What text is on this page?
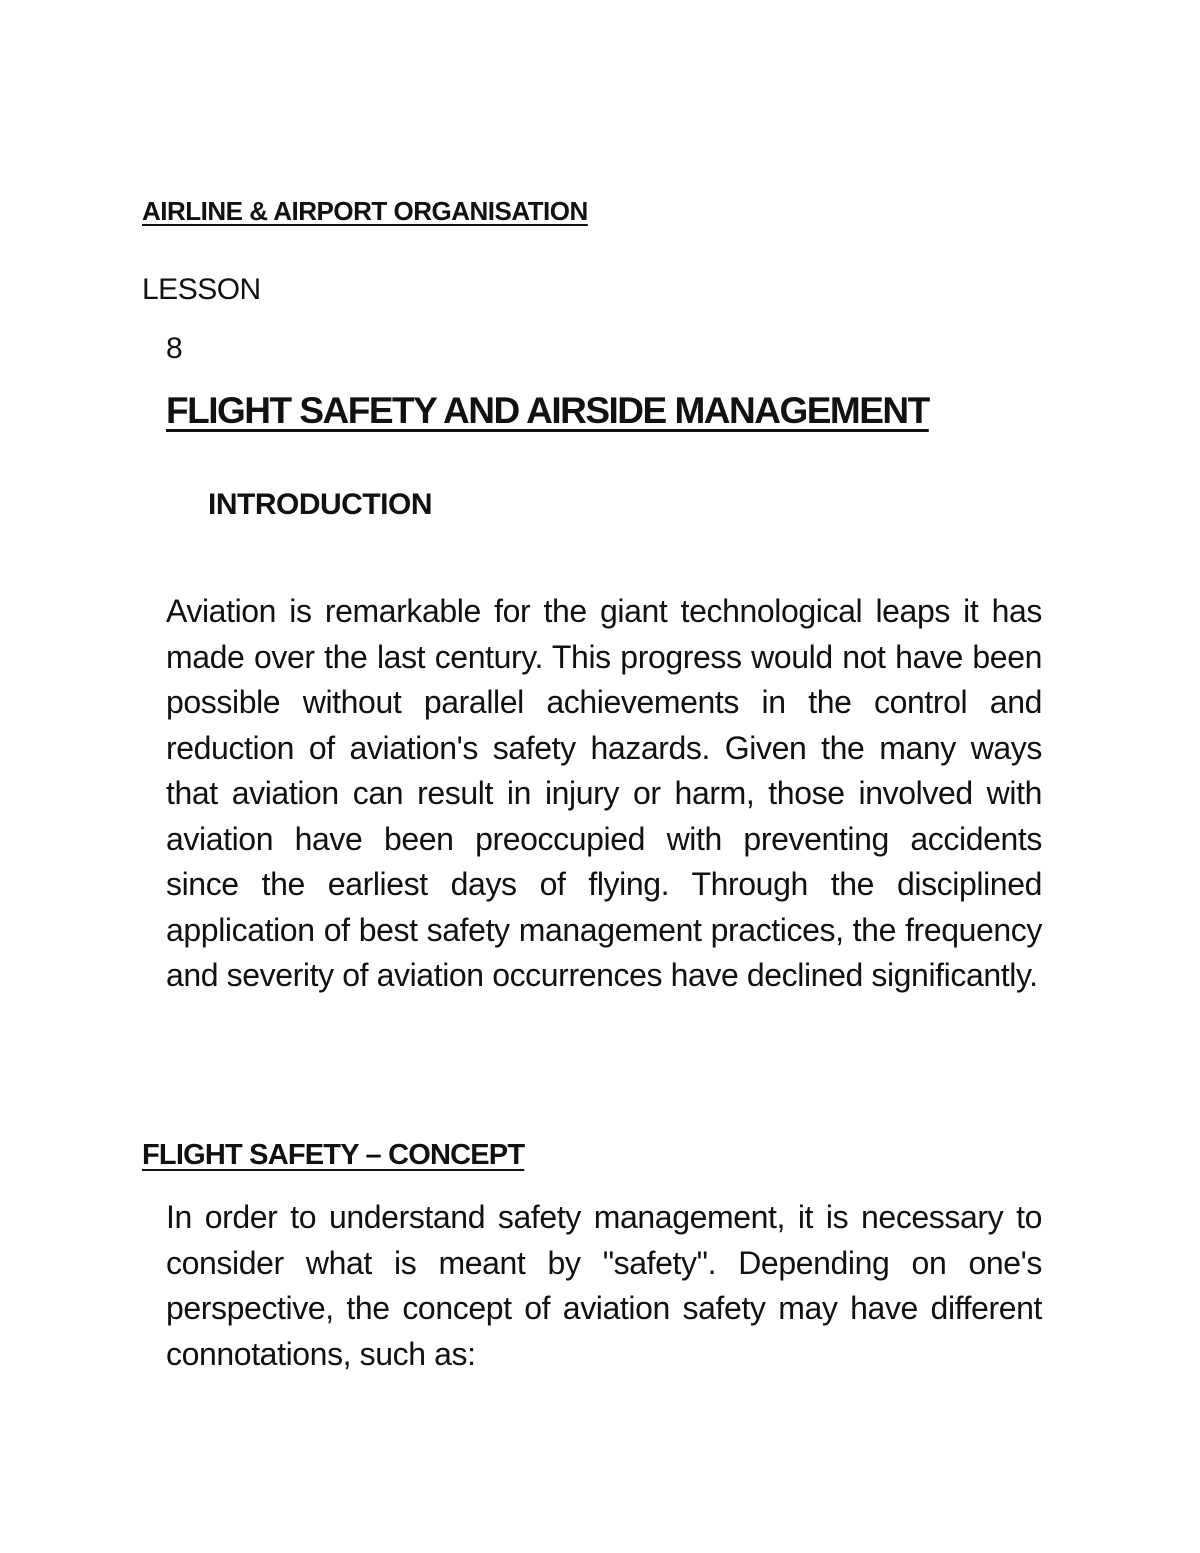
AIRLINE & AIRPORT ORGANISATION
LESSON
8
FLIGHT SAFETY AND AIRSIDE MANAGEMENT
INTRODUCTION

Aviation is remarkable for the giant technological leaps it has made over the last century. This progress would not have been possible without parallel achievements in the control and reduction of aviation's safety hazards. Given the many ways that aviation can result in injury or harm, those involved with aviation have been preoccupied with preventing accidents since the earliest days of flying. Through the disciplined application of best safety management practices, the frequency and severity of aviation occurrences have declined significantly.

FLIGHT SAFETY – CONCEPT

In order to understand safety management, it is necessary to consider what is meant by "safety". Depending on one's perspective, the concept of aviation safety may have different connotations, such as:
